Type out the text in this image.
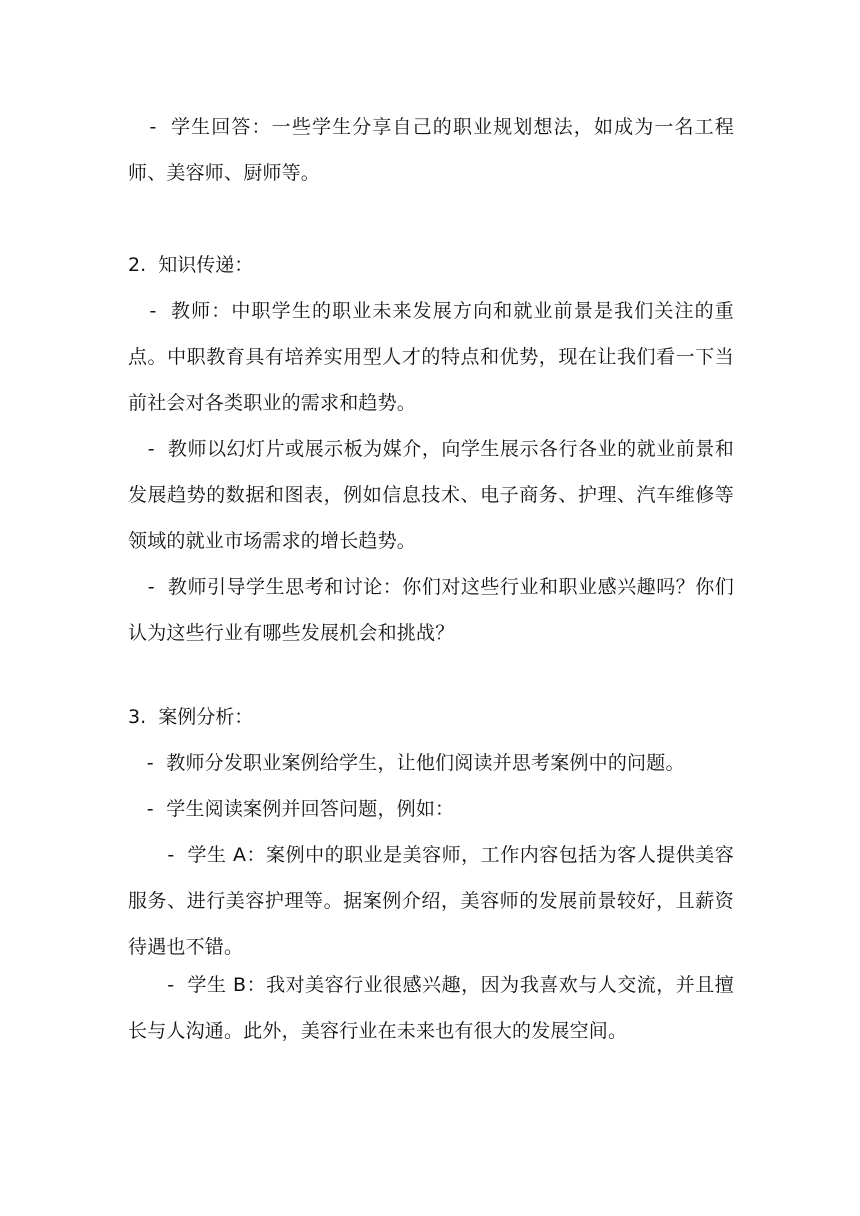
-  学生回答：一些学生分享自己的职业规划想法，如成为一名工程师、美容师、厨师等。

2.  知识传递：

-  教师：中职学生的职业未来发展方向和就业前景是我们关注的重点。中职教育具有培养实用型人才的特点和优势，现在让我们看一下当前社会对各类职业的需求和趋势。

-  教师以幻灯片或展示板为媒介，向学生展示各行各业的就业前景和发展趋势的数据和图表，例如信息技术、电子商务、护理、汽车维修等领域的就业市场需求的增长趋势。

-  教师引导学生思考和讨论：你们对这些行业和职业感兴趣吗？你们认为这些行业有哪些发展机会和挑战？

3.  案例分析：

-  教师分发职业案例给学生，让他们阅读并思考案例中的问题。

-  学生阅读案例并回答问题，例如：

-  学生 A：案例中的职业是美容师，工作内容包括为客人提供美容服务、进行美容护理等。据案例介绍，美容师的发展前景较好，且薪资待遇也不错。

-  学生 B：我对美容行业很感兴趣，因为我喜欢与人交流，并且擅长与人沟通。此外，美容行业在未来也有很大的发展空间。
